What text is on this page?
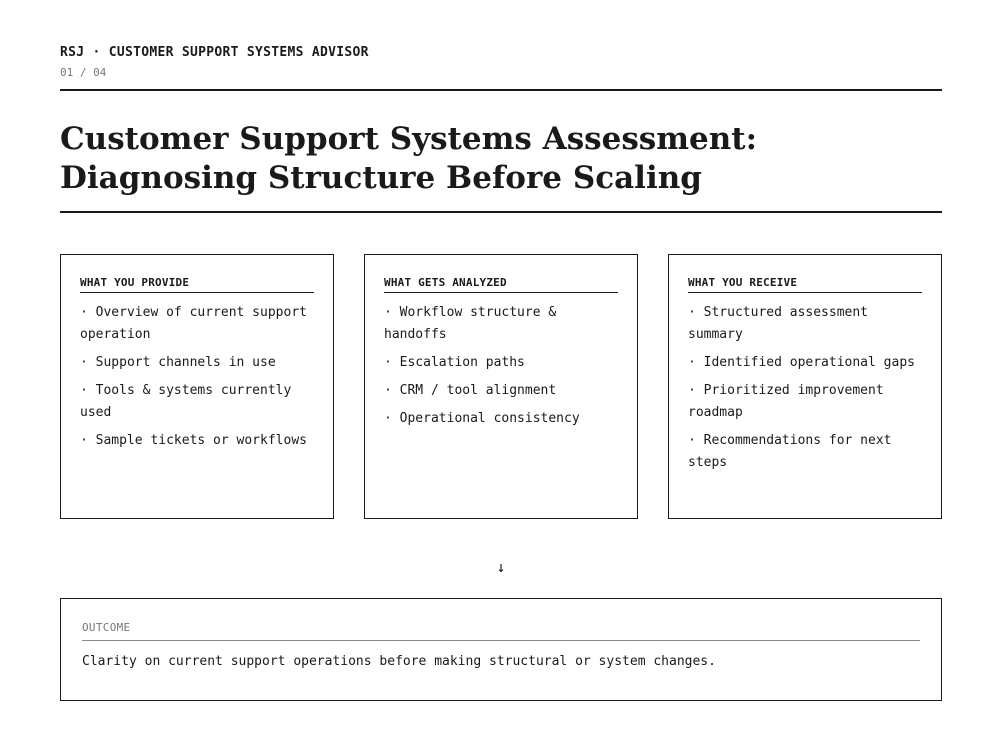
RSJ · CUSTOMER SUPPORT SYSTEMS ADVISOR
01 / 04
Customer Support Systems Assessment:
Diagnosing Structure Before Scaling
WHAT YOU PROVIDE
· Overview of current support operation
· Support channels in use
· Tools & systems currently used
· Sample tickets or workflows
WHAT GETS ANALYZED
· Workflow structure & handoffs
· Escalation paths
· CRM / tool alignment
· Operational consistency
WHAT YOU RECEIVE
· Structured assessment summary
· Identified operational gaps
· Prioritized improvement roadmap
· Recommendations for next steps
↓
OUTCOME
Clarity on current support operations before making structural or system changes.
